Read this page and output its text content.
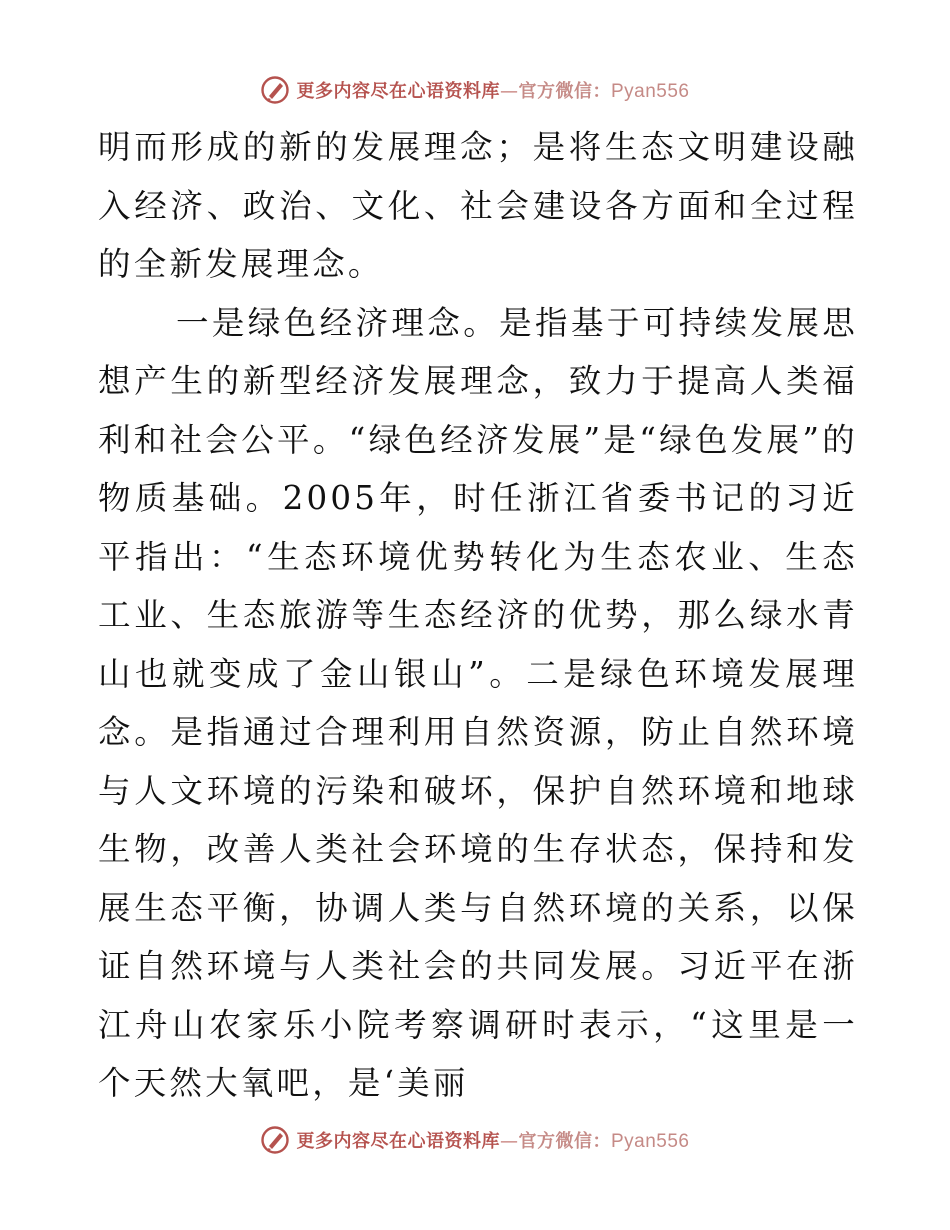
更多内容尽在心语资料库—官方微信：Pyan556

明而形成的新的发展理念；是将生态文明建设融入经济、政治、文化、社会建设各方面和全过程的全新发展理念。

一是绿色经济理念。是指基于可持续发展思想产生的新型经济发展理念，致力于提高人类福利和社会公平。“绿色经济发展”是“绿色发展”的物质基础。2005年，时任浙江省委书记的习近平指出：“生态环境优势转化为生态农业、生态工业、生态旅游等生态经济的优势，那么绿水青山也就变成了金山银山”。二是绿色环境发展理念。是指通过合理利用自然资源，防止自然环境与人文环境的污染和破坏，保护自然环境和地球生物，改善人类社会环境的生存状态，保持和发展生态平衡，协调人类与自然环境的关系，以保证自然环境与人类社会的共同发展。习近平在浙江舟山农家乐小院考察调研时表示，“这里是一个天然大氧吧，是‘美丽

更多内容尽在心语资料库—官方微信：Pyan556
